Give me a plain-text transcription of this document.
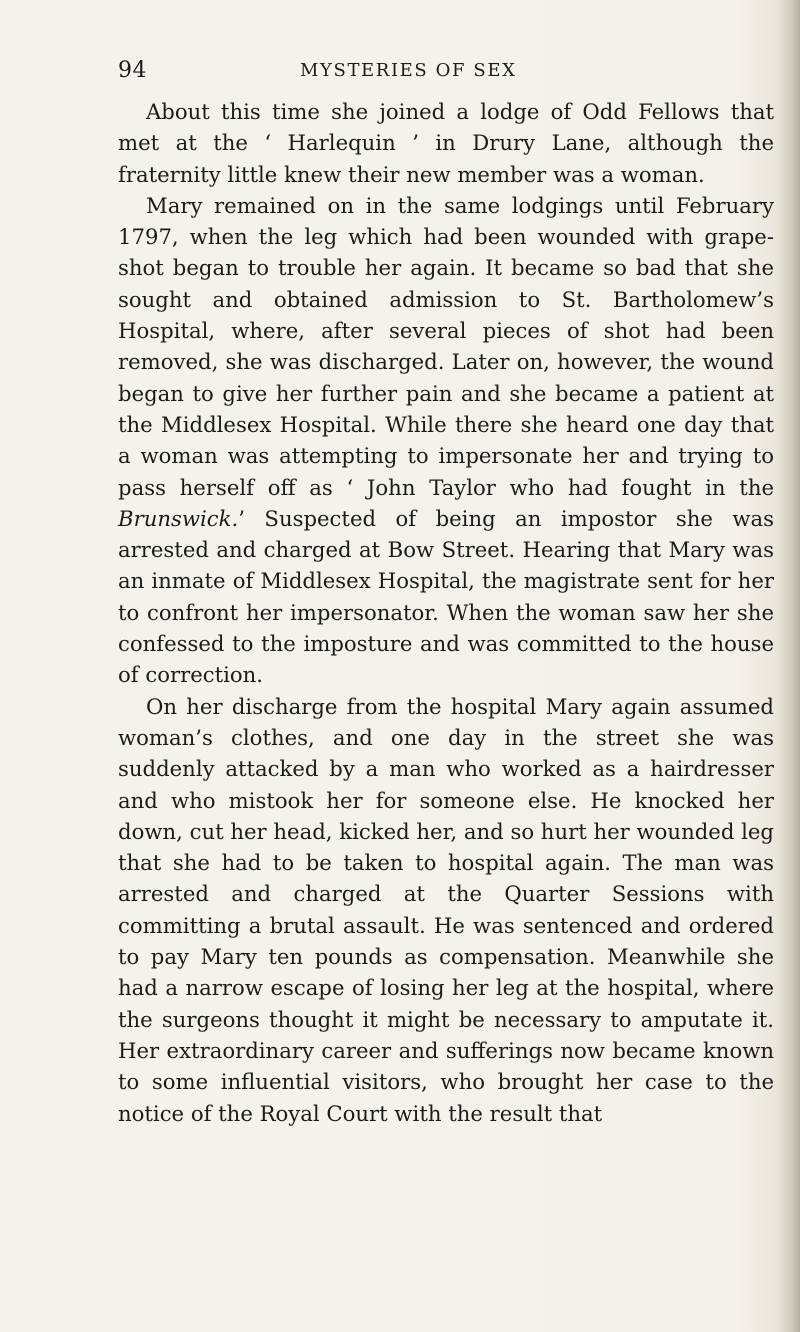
94	MYSTERIES OF SEX

About this time she joined a lodge of Odd Fellows that met at the ‘ Harlequin ’ in Drury Lane, although the fraternity little knew their new member was a woman.

Mary remained on in the same lodgings until February 1797, when the leg which had been wounded with grape-shot began to trouble her again. It became so bad that she sought and obtained admission to St. Bartholomew’s Hospital, where, after several pieces of shot had been removed, she was discharged. Later on, however, the wound began to give her further pain and she became a patient at the Middlesex Hospital. While there she heard one day that a woman was attempting to impersonate her and trying to pass herself off as ‘ John Taylor who had fought in the Brunswick.’ Suspected of being an impostor she was arrested and charged at Bow Street. Hearing that Mary was an inmate of Middlesex Hospital, the magistrate sent for her to confront her impersonator. When the woman saw her she confessed to the imposture and was committed to the house of correction.

On her discharge from the hospital Mary again assumed woman’s clothes, and one day in the street she was suddenly attacked by a man who worked as a hairdresser and who mistook her for someone else. He knocked her down, cut her head, kicked her, and so hurt her wounded leg that she had to be taken to hospital again. The man was arrested and charged at the Quarter Sessions with committing a brutal assault. He was sentenced and ordered to pay Mary ten pounds as compensation. Meanwhile she had a narrow escape of losing her leg at the hospital, where the surgeons thought it might be necessary to amputate it. Her extraordinary career and sufferings now became known to some influential visitors, who brought her case to the notice of the Royal Court with the result that
